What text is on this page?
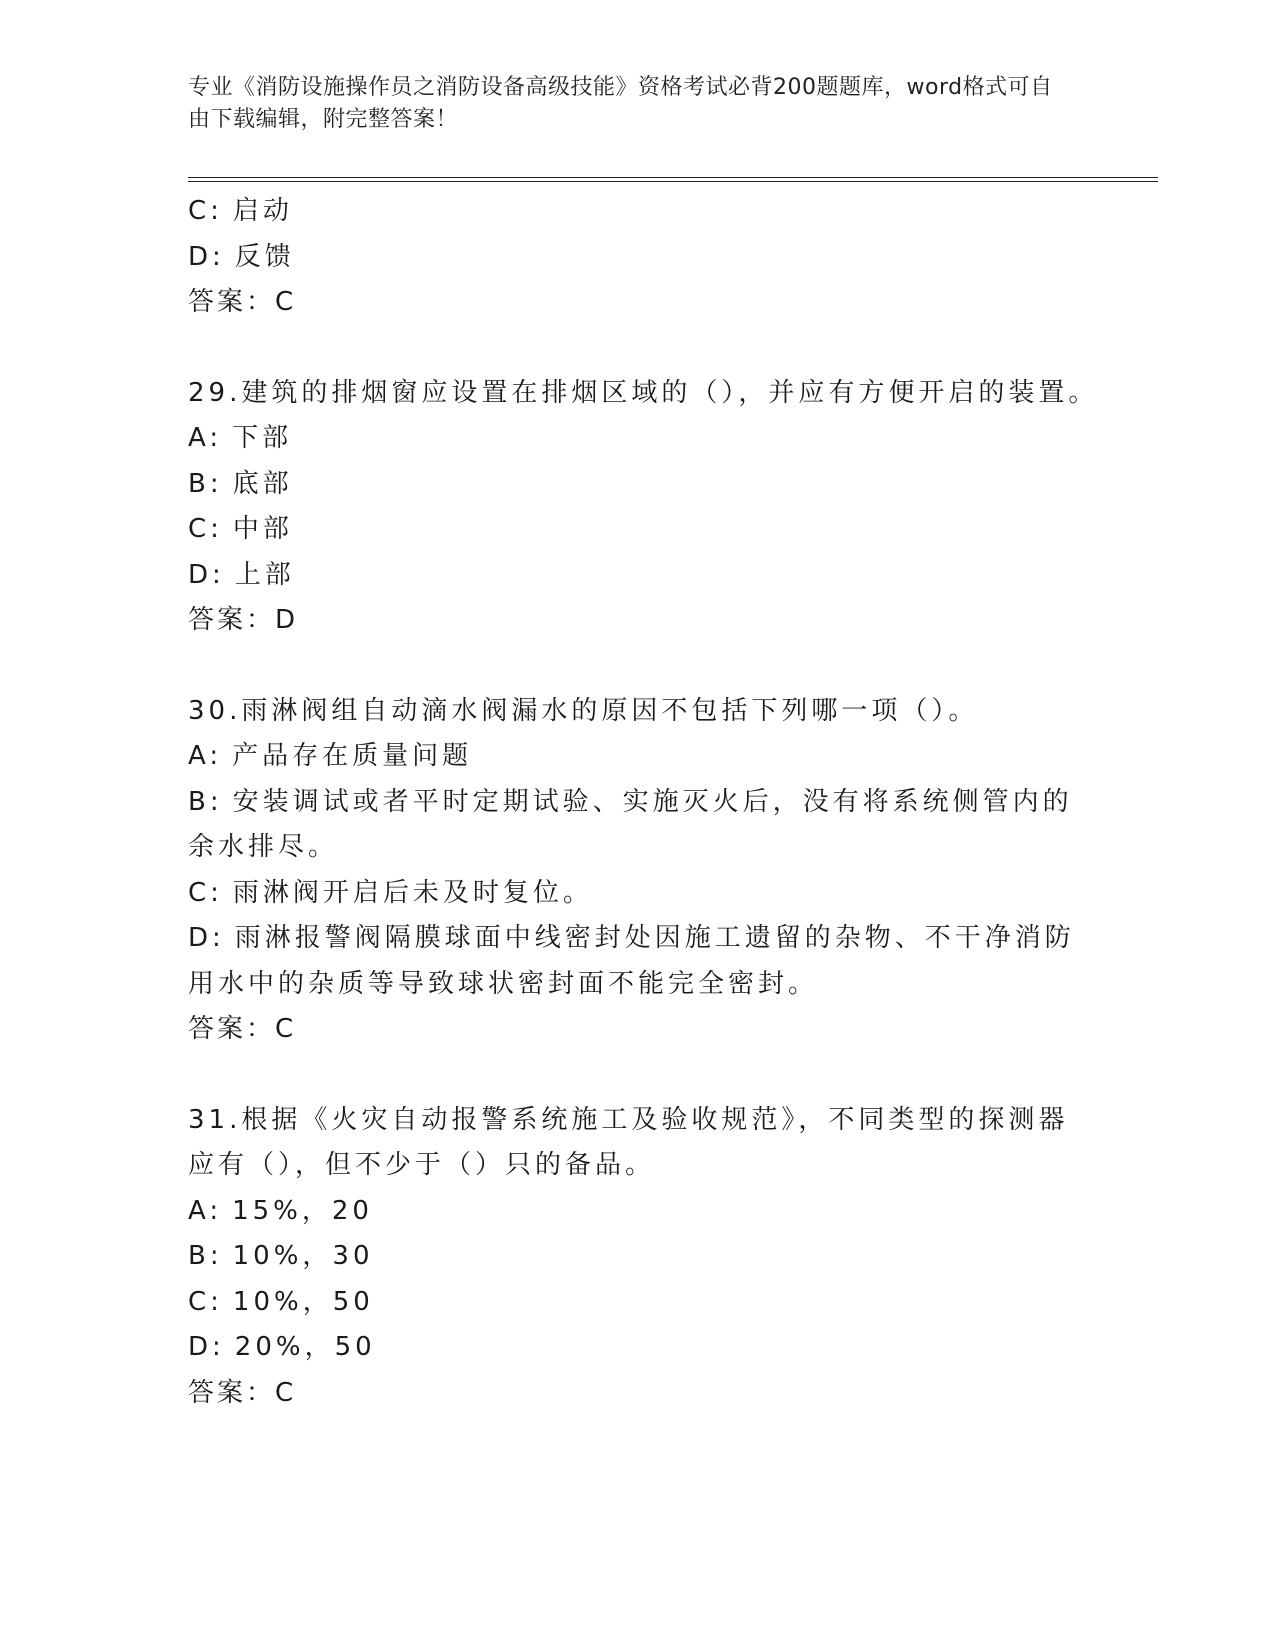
专业《消防设施操作员之消防设备高级技能》资格考试必背200题题库，word格式可自由下载编辑，附完整答案！
C: 启动
D: 反馈
答案：C
29.建筑的排烟窗应设置在排烟区域的（），并应有方便开启的装置。
A: 下部
B: 底部
C: 中部
D: 上部
答案：D
30.雨淋阀组自动滴水阀漏水的原因不包括下列哪一项（）。
A: 产品存在质量问题
B: 安装调试或者平时定期试验、实施灭火后，没有将系统侧管内的余水排尽。
C: 雨淋阀开启后未及时复位。
D: 雨淋报警阀隔膜球面中线密封处因施工遗留的杂物、不干净消防用水中的杂质等导致球状密封面不能完全密封。
答案：C
31.根据《火灾自动报警系统施工及验收规范》，不同类型的探测器应有（），但不少于（）只的备品。
A: 15%，20
B: 10%，30
C: 10%，50
D: 20%，50
答案：C
